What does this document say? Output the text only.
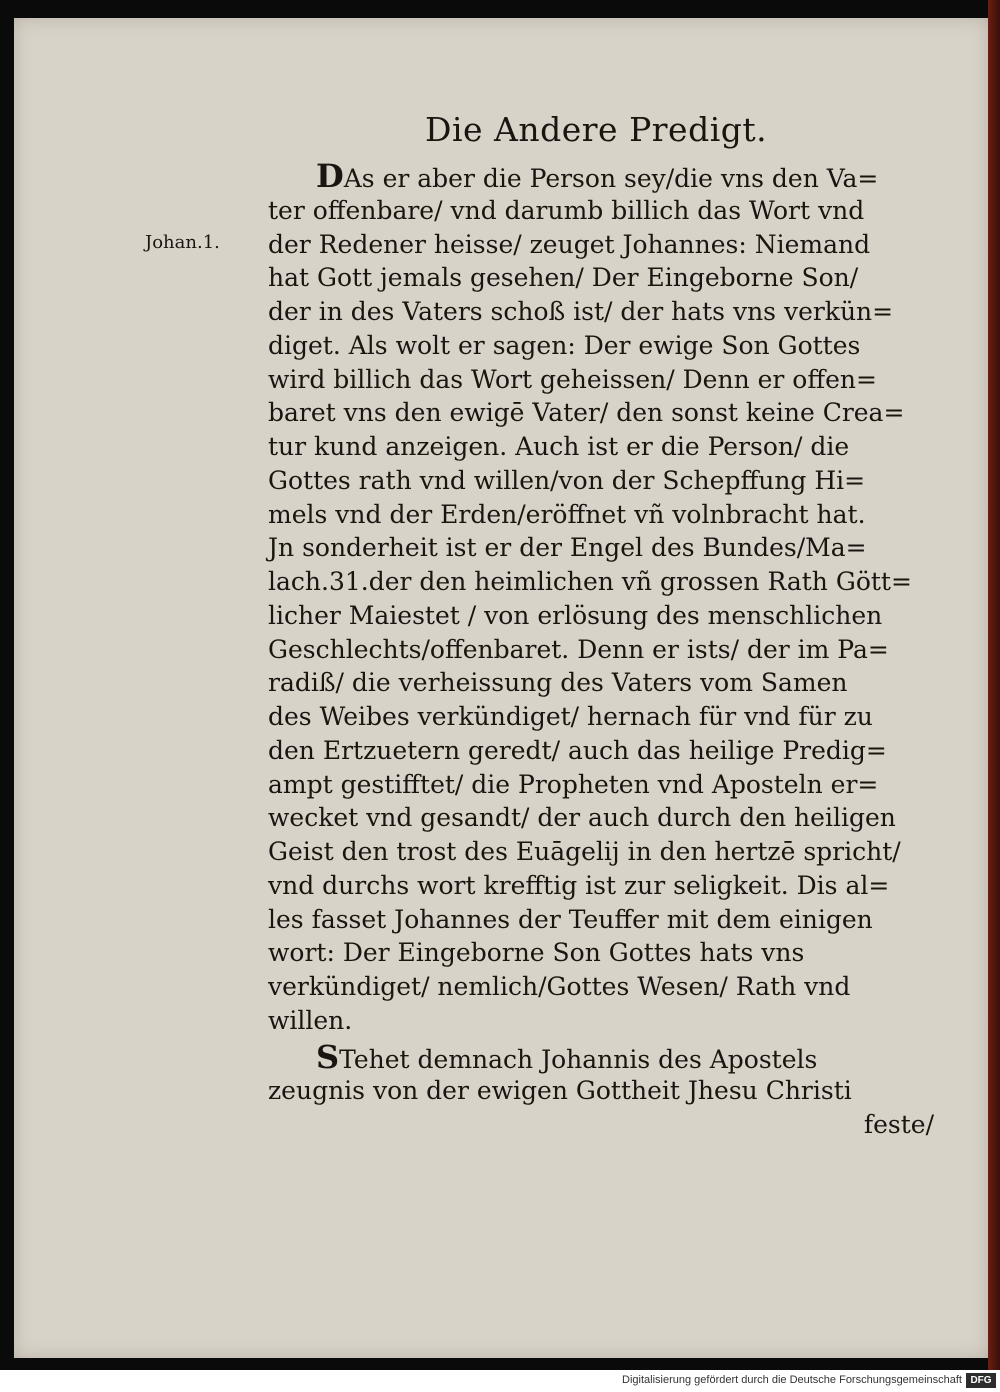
Die Andere Predigt.
Johan.1.
DAs er aber die Person sey/die vns den Va=
ter offenbare/ vnd darumb billich das Wort vnd
der Redener heisse/ zeuget Johannes: Niemand
hat Gott jemals gesehen/ Der Eingeborne Son/
der in des Vaters schoß ist/ der hats vns verkün=
diget. Als wolt er sagen: Der ewige Son Gottes
wird billich das Wort geheissen/ Denn er offen=
baret vns den ewigē Vater/ den sonst keine Crea=
tur kund anzeigen. Auch ist er die Person/ die
Gottes rath vnd willen/von der Schepffung Hi=
mels vnd der Erden/eröffnet vñ volnbracht hat.
Jn sonderheit ist er der Engel des Bundes/Ma=
lach.31.der den heimlichen vñ grossen Rath Gött=
licher Maiestet / von erlösung des menschlichen
Geschlechts/offenbaret. Denn er ists/ der im Pa=
radiß/ die verheissung des Vaters vom Samen
des Weibes verkündiget/ hernach für vnd für zu
den Ertzuetern geredt/ auch das heilige Predig=
ampt gestifftet/ die Propheten vnd Aposteln er=
wecket vnd gesandt/ der auch durch den heiligen
Geist den trost des Euāgelij in den hertzē spricht/
vnd durchs wort krefftig ist zur seligkeit. Dis al=
les fasset Johannes der Teuffer mit dem einigen
wort: Der Eingeborne Son Gottes hats vns
verkündiget/ nemlich/Gottes Wesen/ Rath vnd
willen.
STehet demnach Johannis des Apostels
zeugnis von der ewigen Gottheit Jhesu Christi
feste/
Digitalisierung gefördert durch die Deutsche Forschungsgemeinschaft DFG
